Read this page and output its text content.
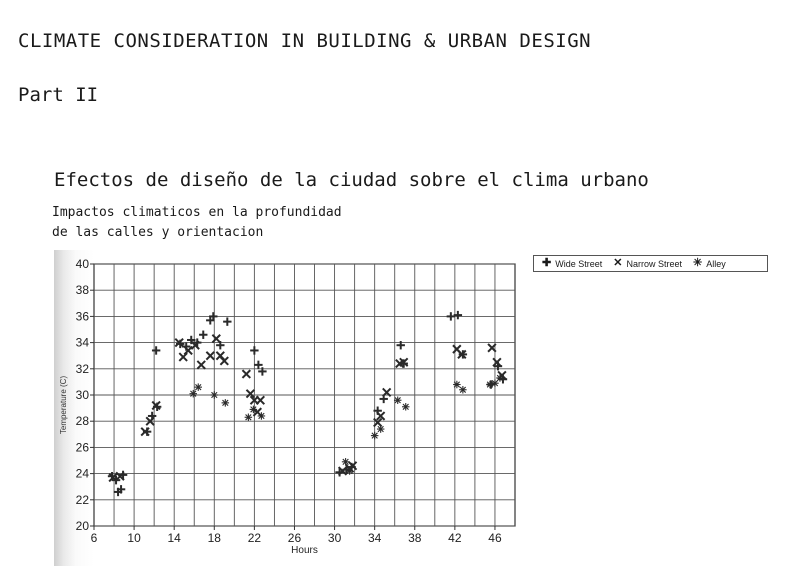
CLIMATE CONSIDERATION IN BUILDING & URBAN DESIGN
Part II
Efectos de diseño de la ciudad sobre el clima urbano
Impactos climaticos en la profundidad
de las calles y orientacion
20
22
24
26
28
30
32
34
36
38
40
6	10 14 18 22 26 30 34 38 42 46
Hours
Temperature (C)
✚ Wide Street ✕ Narrow Street ✳ Alley
